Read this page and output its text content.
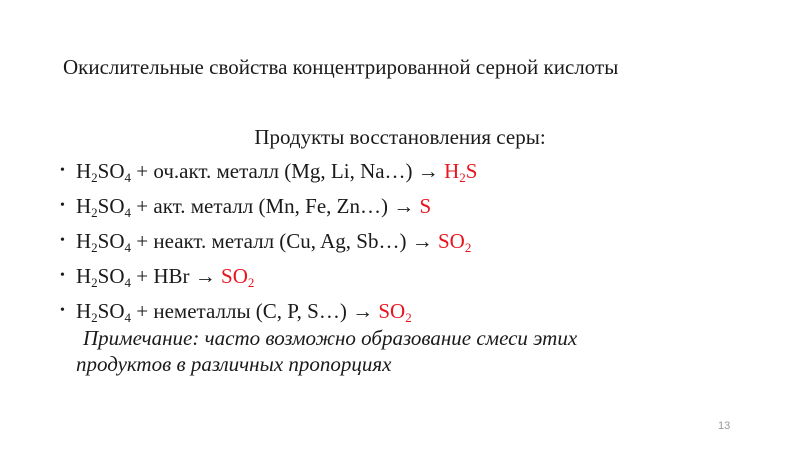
Окислительные свойства концентрированной серной кислоты
Продукты восстановления серы:
• $H_2SO_4 + оч.акт$. металл (Mg, Li, Na…) → $H_2S$
• $H_2SO_4$ + акт. металл (Mn, Fe, Zn…) → S
• $H_2SO_4$ + неакт. металл (Cu, Ag, Sb…) → $SO_2$
• $H_2SO_4$ + HBr → $SO_2$
• $H_2SO_4$ + неметаллы (C, P, S…) → $SO_2$
Примечание: часто возможно образование смеси этих
продуктов в различных пропорциях
13
